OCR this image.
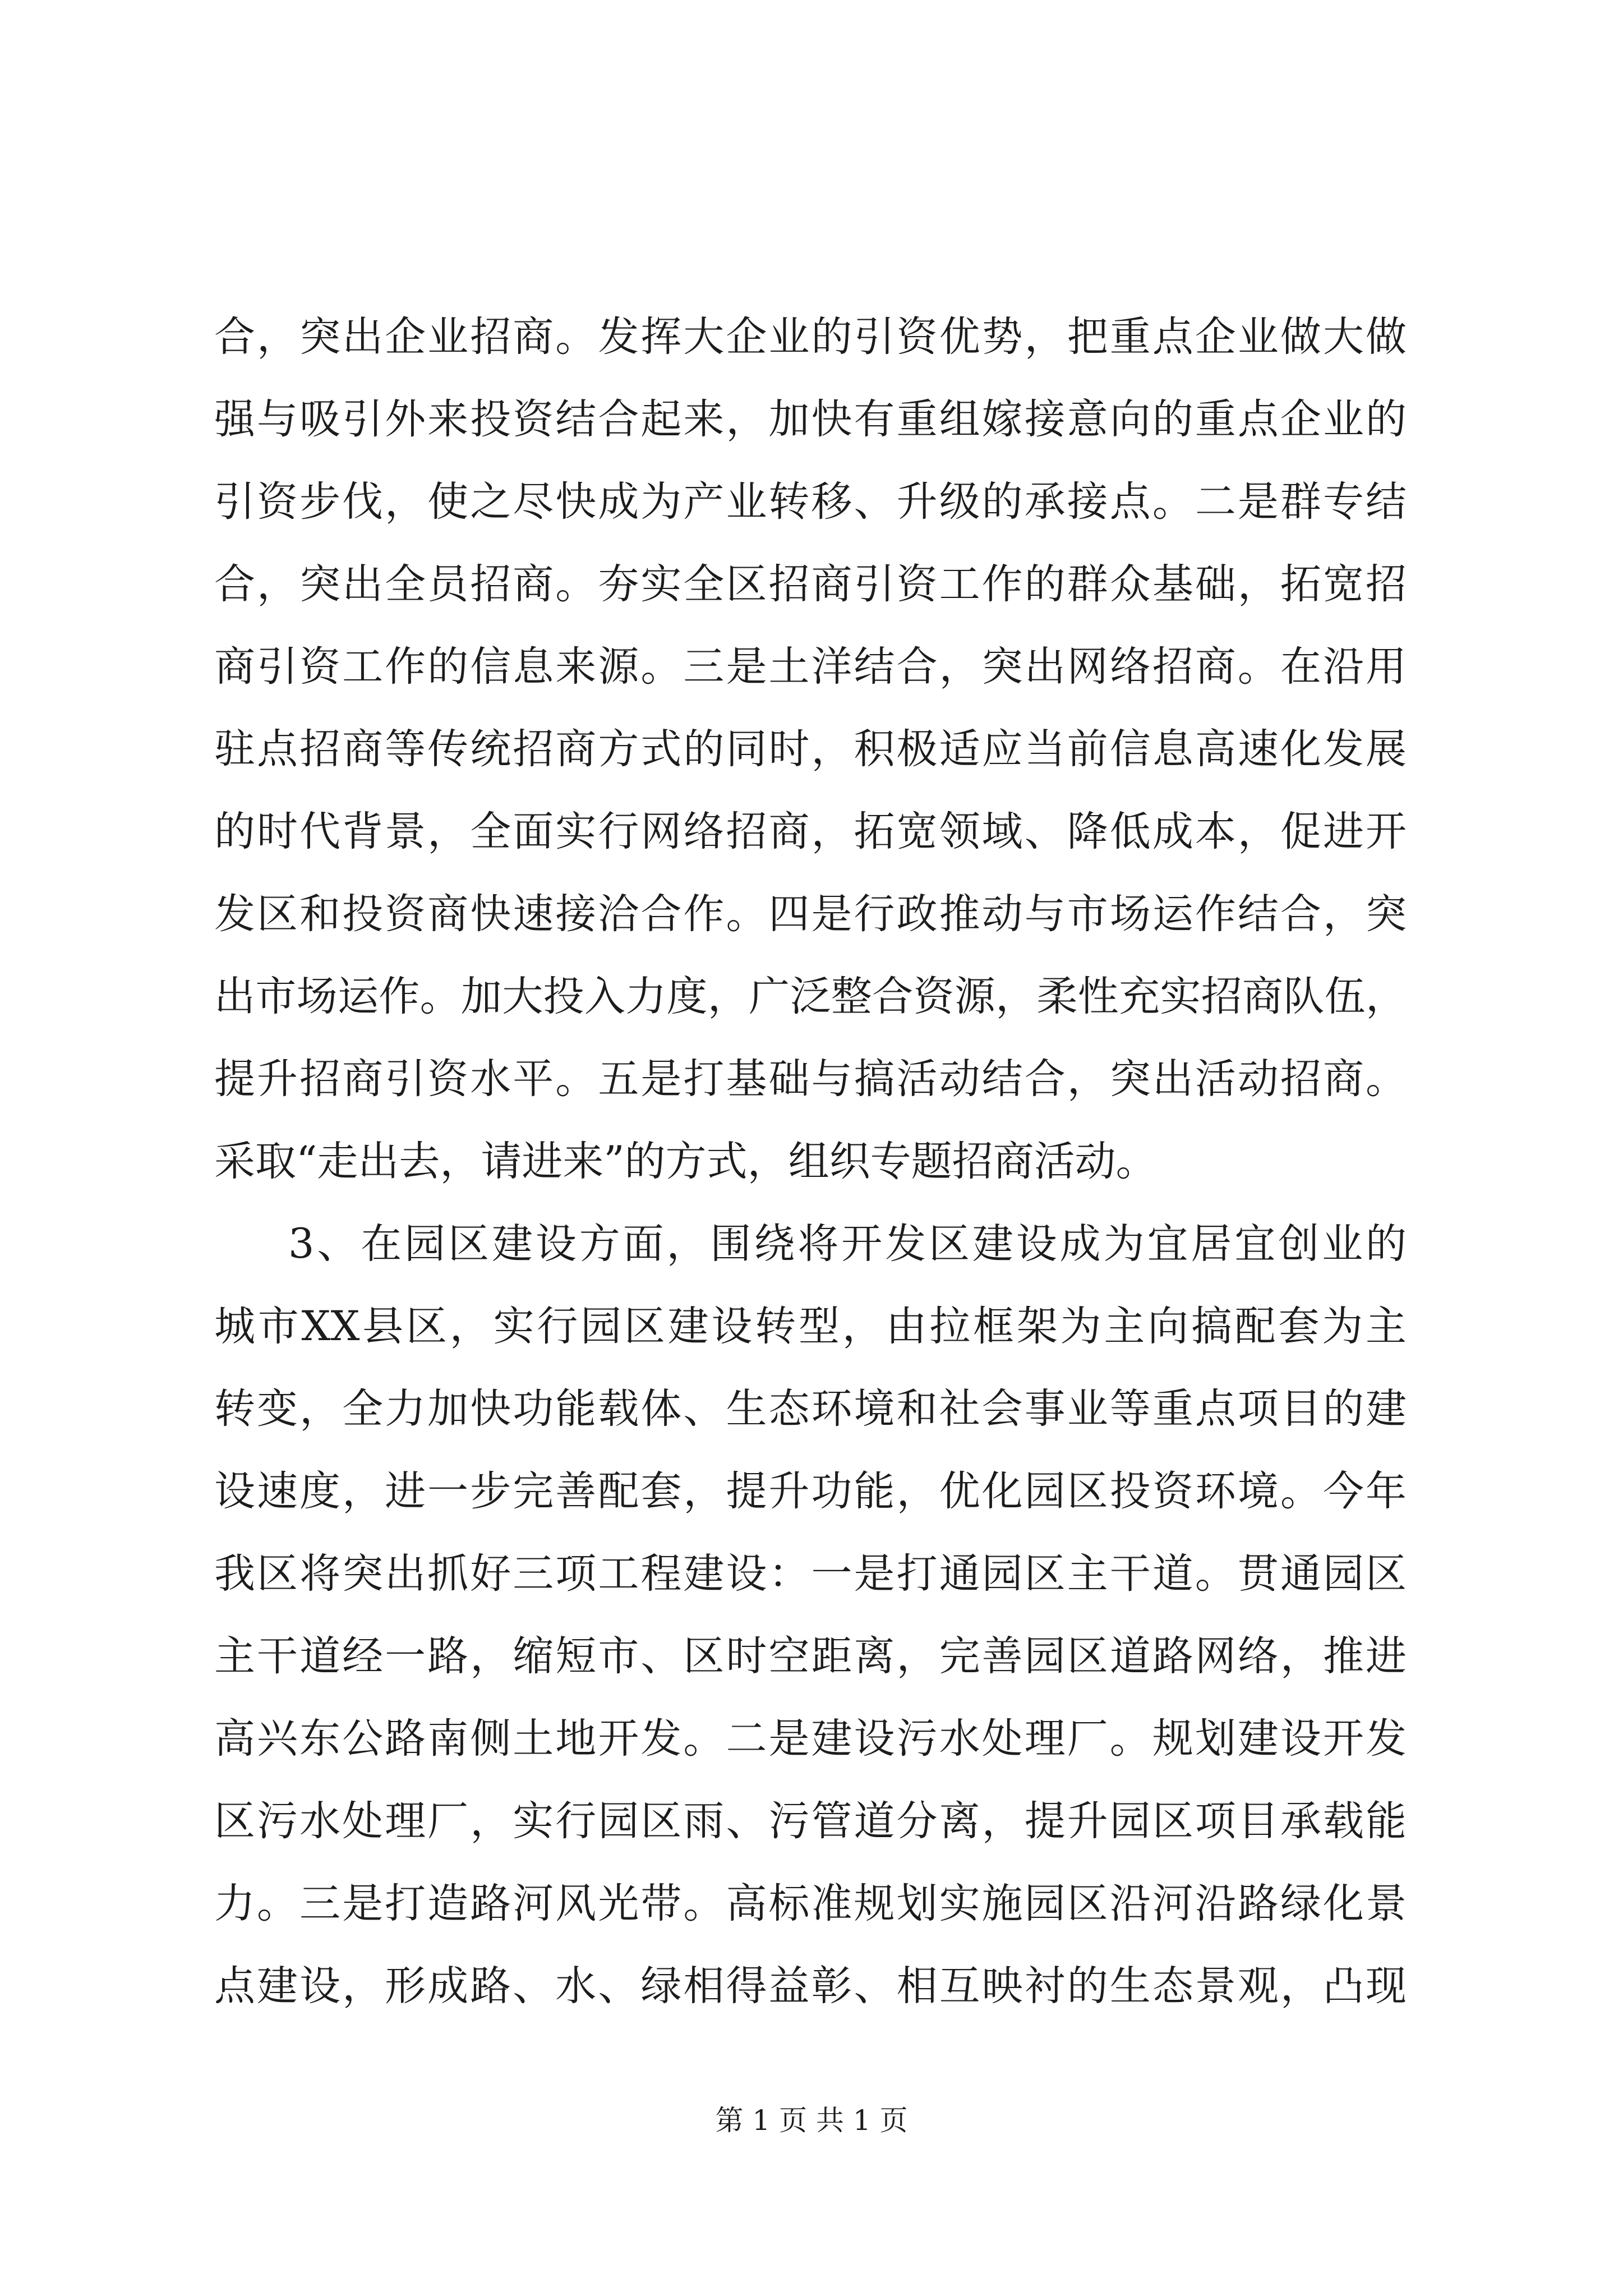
合，突出企业招商。发挥大企业的引资优势，把重点企业做大做
强与吸引外来投资结合起来，加快有重组嫁接意向的重点企业的
引资步伐，使之尽快成为产业转移、升级的承接点。二是群专结
合，突出全员招商。夯实全区招商引资工作的群众基础，拓宽招
商引资工作的信息来源。三是土洋结合，突出网络招商。在沿用
驻点招商等传统招商方式的同时，积极适应当前信息高速化发展
的时代背景，全面实行网络招商，拓宽领域、降低成本，促进开
发区和投资商快速接洽合作。四是行政推动与市场运作结合，突
出市场运作。加大投入力度，广泛整合资源，柔性充实招商队伍，
提升招商引资水平。五是打基础与搞活动结合，突出活动招商。
采取“走出去，请进来”的方式，组织专题招商活动。
3、在园区建设方面，围绕将开发区建设成为宜居宜创业的
城市XX县区，实行园区建设转型，由拉框架为主向搞配套为主
转变，全力加快功能载体、生态环境和社会事业等重点项目的建
设速度，进一步完善配套，提升功能，优化园区投资环境。今年
我区将突出抓好三项工程建设：一是打通园区主干道。贯通园区
主干道经一路，缩短市、区时空距离，完善园区道路网络，推进
高兴东公路南侧土地开发。二是建设污水处理厂。规划建设开发
区污水处理厂，实行园区雨、污管道分离，提升园区项目承载能
力。三是打造路河风光带。高标准规划实施园区沿河沿路绿化景
点建设，形成路、水、绿相得益彰、相互映衬的生态景观，凸现
第 1 页 共 1 页
